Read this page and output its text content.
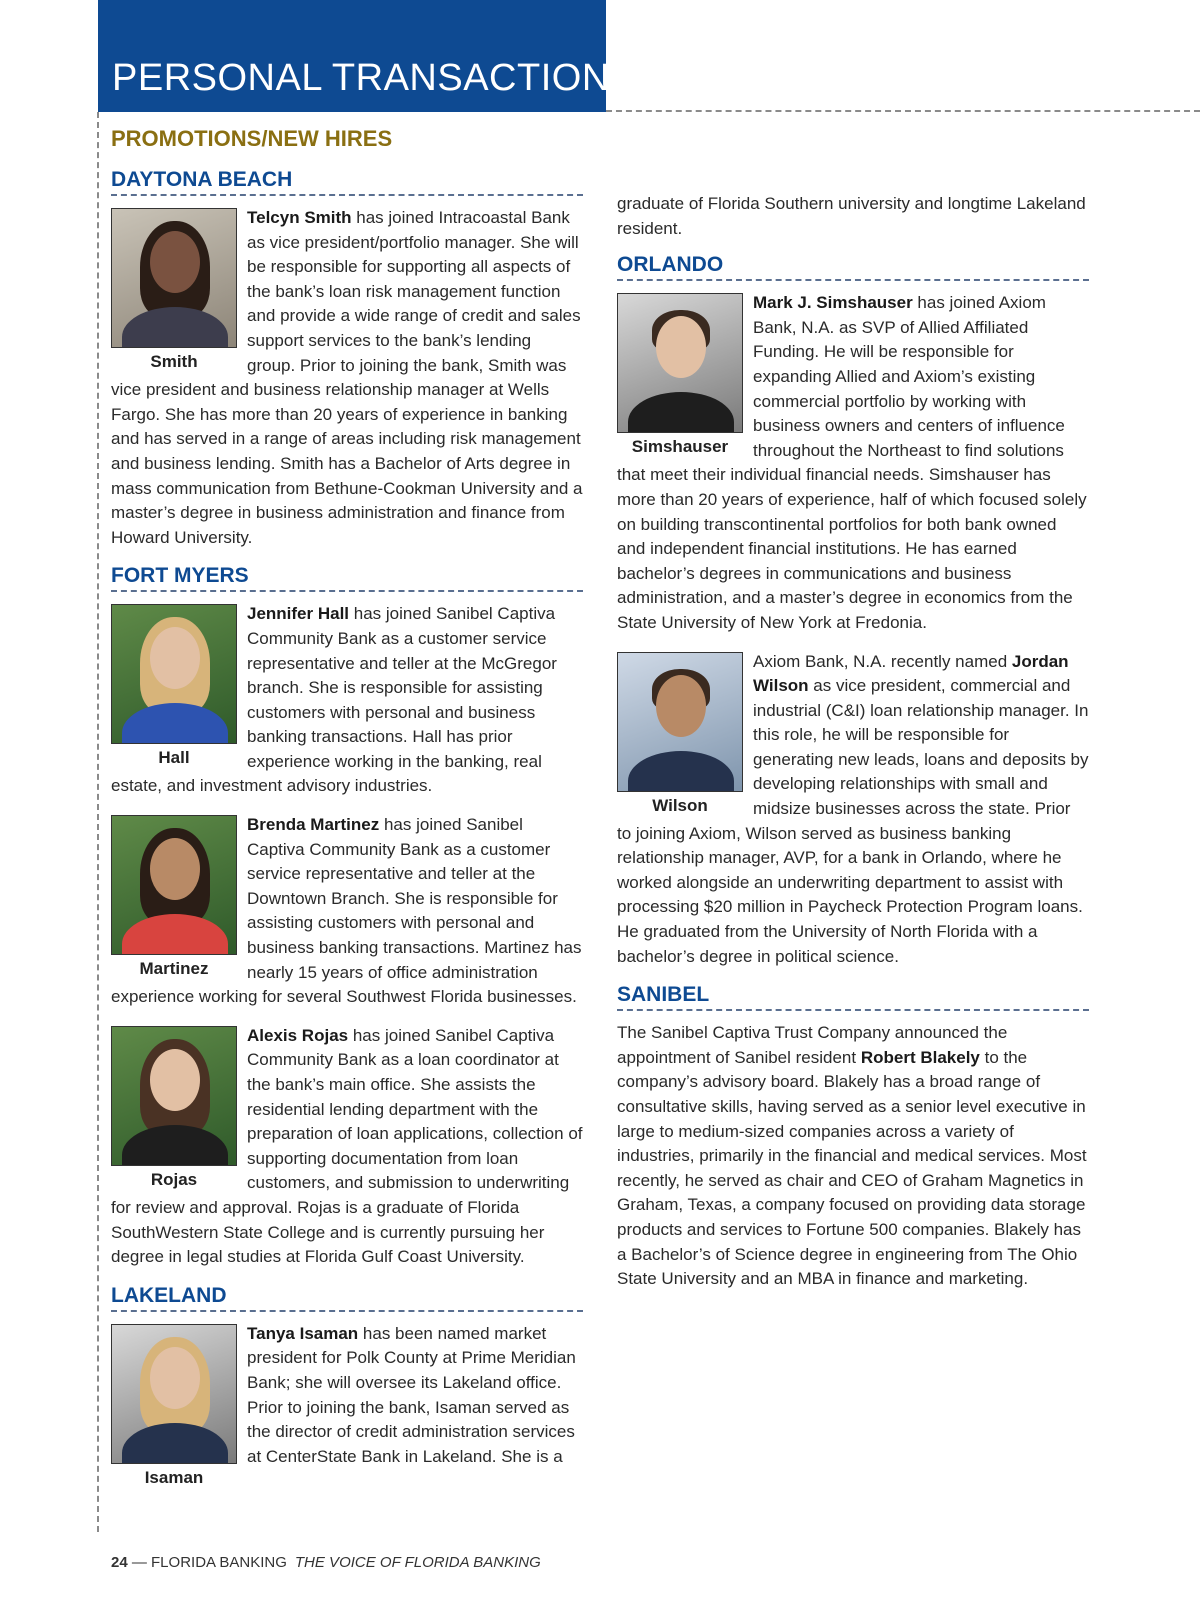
PERSONAL TRANSACTIONS
PROMOTIONS/NEW HIRES
DAYTONA BEACH
Smith

Telcyn Smith has joined Intracoastal Bank as vice president/portfolio manager. She will be responsible for supporting all aspects of the bank’s loan risk management function and provide a wide range of credit and sales support services to the bank’s lending group. Prior to joining the bank, Smith was vice president and business relationship manager at Wells Fargo. She has more than 20 years of experience in banking and has served in a range of areas including risk management and business lending. Smith has a Bachelor of Arts degree in mass communication from Bethune-Cookman University and a master’s degree in business administration and finance from Howard University.

FORT MYERS
Hall

Jennifer Hall has joined Sanibel Captiva Community Bank as a customer service representative and teller at the McGregor branch. She is responsible for assisting customers with personal and business banking transactions. Hall has prior experience working in the banking, real estate, and investment advisory industries.

Martinez

Brenda Martinez has joined Sanibel Captiva Community Bank as a customer service representative and teller at the Downtown Branch. She is responsible for assisting customers with personal and business banking transactions. Martinez has nearly 15 years of office administration experience working for several Southwest Florida businesses.

Rojas

Alexis Rojas has joined Sanibel Captiva Community Bank as a loan coordinator at the bank’s main office. She assists the residential lending department with the preparation of loan applications, collection of supporting documentation from loan customers, and submission to underwriting for review and approval. Rojas is a graduate of Florida SouthWestern State College and is currently pursuing her degree in legal studies at Florida Gulf Coast University.

LAKELAND
Isaman

Tanya Isaman has been named market president for Polk County at Prime Meridian Bank; she will oversee its Lakeland office. Prior to joining the bank, Isaman served as the director of credit administration services at CenterState Bank in Lakeland. She is a

graduate of Florida Southern university and longtime Lakeland resident.

ORLANDO
Simshauser

Mark J. Simshauser has joined Axiom Bank, N.A. as SVP of Allied Affiliated Funding. He will be responsible for expanding Allied and Axiom’s existing commercial portfolio by working with business owners and centers of influence throughout the Northeast to find solutions that meet their individual financial needs. Simshauser has more than 20 years of experience, half of which focused solely on building transcontinental portfolios for both bank owned and independent financial institutions. He has earned bachelor’s degrees in communications and business administration, and a master’s degree in economics from the State University of New York at Fredonia.

Wilson

Axiom Bank, N.A. recently named Jordan Wilson as vice president, commercial and industrial (C&I) loan relationship manager. In this role, he will be responsible for generating new leads, loans and deposits by developing relationships with small and midsize businesses across the state. Prior to joining Axiom, Wilson served as business banking relationship manager, AVP, for a bank in Orlando, where he worked alongside an underwriting department to assist with processing $20 million in Paycheck Protection Program loans. He graduated from the University of North Florida with a bachelor’s degree in political science.

SANIBEL

The Sanibel Captiva Trust Company announced the appointment of Sanibel resident Robert Blakely to the company’s advisory board. Blakely has a broad range of consultative skills, having served as a senior level executive in large to medium-sized companies across a variety of industries, primarily in the financial and medical services. Most recently, he served as chair and CEO of Graham Magnetics in Graham, Texas, a company focused on providing data storage products and services to Fortune 500 companies. Blakely has a Bachelor’s of Science degree in engineering from The Ohio State University and an MBA in finance and marketing.

24 — FLORIDA BANKING THE VOICE OF FLORIDA BANKING
